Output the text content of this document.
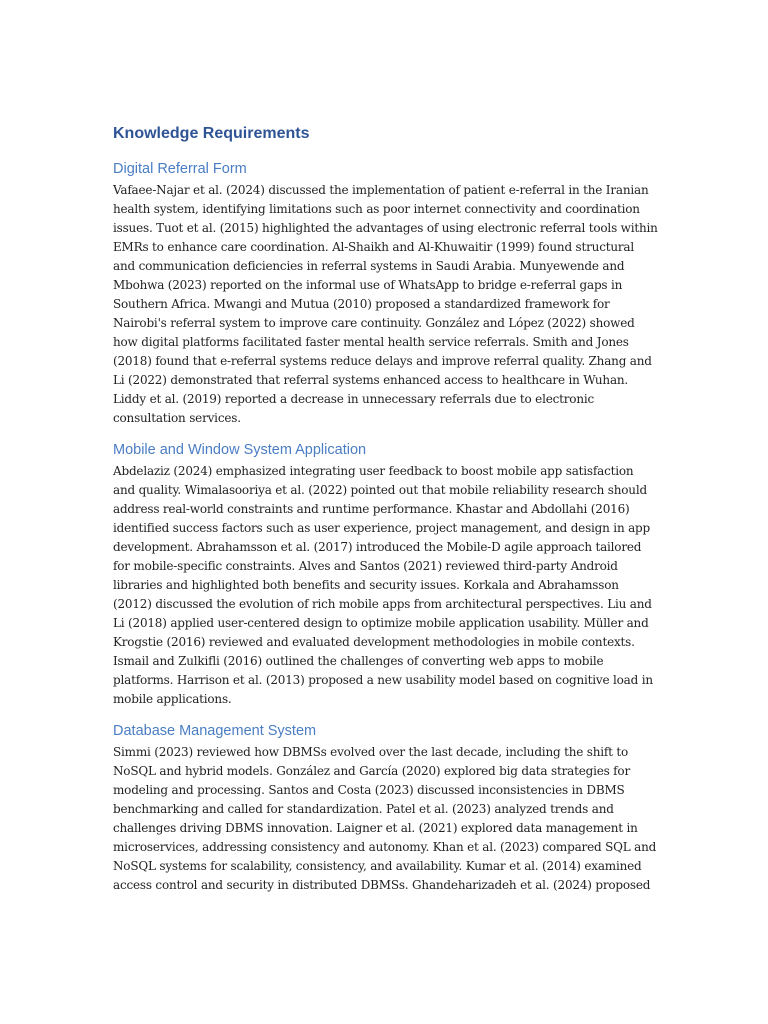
Knowledge Requirements
Digital Referral Form

Vafaee-Najar et al. (2024) discussed the implementation of patient e-referral in the Iranian health system, identifying limitations such as poor internet connectivity and coordination issues. Tuot et al. (2015) highlighted the advantages of using electronic referral tools within EMRs to enhance care coordination. Al-Shaikh and Al-Khuwaitir (1999) found structural and communication deficiencies in referral systems in Saudi Arabia. Munyewende and Mbohwa (2023) reported on the informal use of WhatsApp to bridge e-referral gaps in Southern Africa. Mwangi and Mutua (2010) proposed a standardized framework for Nairobi's referral system to improve care continuity. González and López (2022) showed how digital platforms facilitated faster mental health service referrals. Smith and Jones (2018) found that e-referral systems reduce delays and improve referral quality. Zhang and Li (2022) demonstrated that referral systems enhanced access to healthcare in Wuhan. Liddy et al. (2019) reported a decrease in unnecessary referrals due to electronic consultation services.

Mobile and Window System Application

Abdelaziz (2024) emphasized integrating user feedback to boost mobile app satisfaction and quality. Wimalasooriya et al. (2022) pointed out that mobile reliability research should address real-world constraints and runtime performance. Khastar and Abdollahi (2016) identified success factors such as user experience, project management, and design in app development. Abrahamsson et al. (2017) introduced the Mobile-D agile approach tailored for mobile-specific constraints. Alves and Santos (2021) reviewed third-party Android libraries and highlighted both benefits and security issues. Korkala and Abrahamsson (2012) discussed the evolution of rich mobile apps from architectural perspectives. Liu and Li (2018) applied user-centered design to optimize mobile application usability. Müller and Krogstie (2016) reviewed and evaluated development methodologies in mobile contexts. Ismail and Zulkifli (2016) outlined the challenges of converting web apps to mobile platforms. Harrison et al. (2013) proposed a new usability model based on cognitive load in mobile applications.

Database Management System

Simmi (2023) reviewed how DBMSs evolved over the last decade, including the shift to NoSQL and hybrid models. González and García (2020) explored big data strategies for modeling and processing. Santos and Costa (2023) discussed inconsistencies in DBMS benchmarking and called for standardization. Patel et al. (2023) analyzed trends and challenges driving DBMS innovation. Laigner et al. (2021) explored data management in microservices, addressing consistency and autonomy. Khan et al. (2023) compared SQL and NoSQL systems for scalability, consistency, and availability. Kumar et al. (2014) examined access control and security in distributed DBMSs. Ghandeharizadeh et al. (2024) proposed
